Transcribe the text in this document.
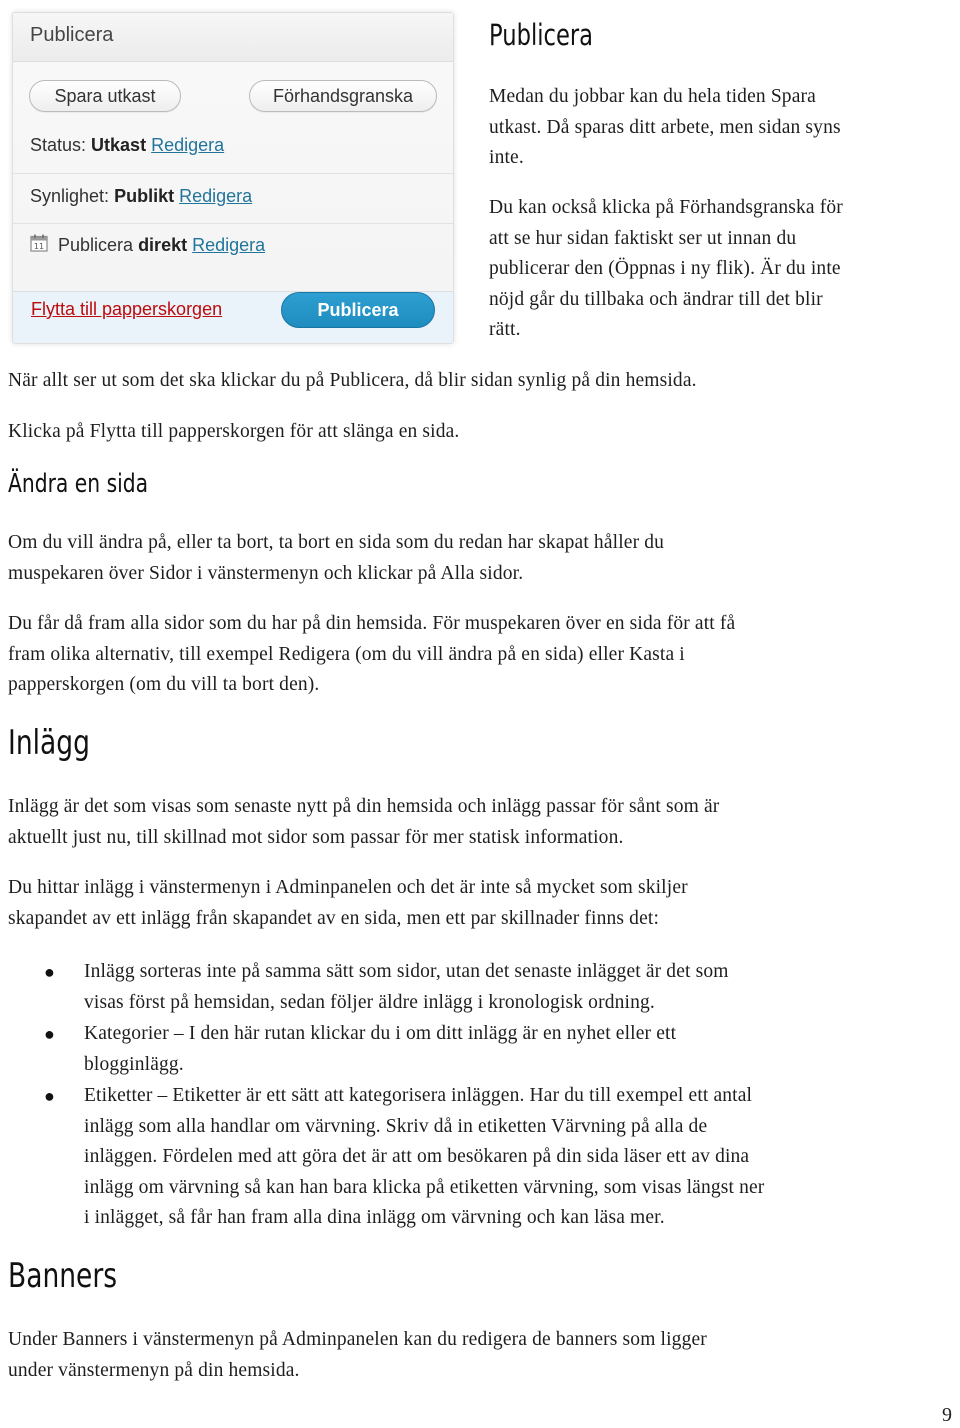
Publicera
Spara utkast	Förhandsgranska
Status: Utkast Redigera
Synlighet: Publikt Redigera
11 Publicera direkt Redigera
Flytta till papperskorgen	Publicera
Publicera
Medan du jobbar kan du hela tiden Spara
utkast. Då sparas ditt arbete, men sidan syns
inte.
Du kan också klicka på Förhandsgranska för
att se hur sidan faktiskt ser ut innan du
publicerar den (Öppnas i ny flik). Är du inte
nöjd går du tillbaka och ändrar till det blir
rätt.

När allt ser ut som det ska klickar du på Publicera, då blir sidan synlig på din hemsida.

Klicka på Flytta till papperskorgen för att slänga en sida.

Ändra en sida
Om du vill ändra på, eller ta bort, ta bort en sida som du redan har skapat håller du
muspekaren över Sidor i vänstermenyn och klickar på Alla sidor.
Du får då fram alla sidor som du har på din hemsida. För muspekaren över en sida för att få
fram olika alternativ, till exempel Redigera (om du vill ändra på en sida) eller Kasta i
papperskorgen (om du vill ta bort den).
Inlägg
Inlägg är det som visas som senaste nytt på din hemsida och inlägg passar för sånt som är
aktuellt just nu, till skillnad mot sidor som passar för mer statisk information.
Du hittar inlägg i vänstermenyn i Adminpanelen och det är inte så mycket som skiljer
skapandet av ett inlägg från skapandet av en sida, men ett par skillnader finns det:
● Inlägg sorteras inte på samma sätt som sidor, utan det senaste inlägget är det som
visas först på hemsidan, sedan följer äldre inlägg i kronologisk ordning.
● Kategorier – I den här rutan klickar du i om ditt inlägg är en nyhet eller ett
blogginlägg.
● Etiketter – Etiketter är ett sätt att kategorisera inläggen. Har du till exempel ett antal
inlägg som alla handlar om värvning. Skriv då in etiketten Värvning på alla de
inläggen. Fördelen med att göra det är att om besökaren på din sida läser ett av dina
inlägg om värvning så kan han bara klicka på etiketten värvning, som visas längst ner
i inlägget, så får han fram alla dina inlägg om värvning och kan läsa mer.
Banners
Under Banners i vänstermenyn på Adminpanelen kan du redigera de banners som ligger
under vänstermenyn på din hemsida.
9
